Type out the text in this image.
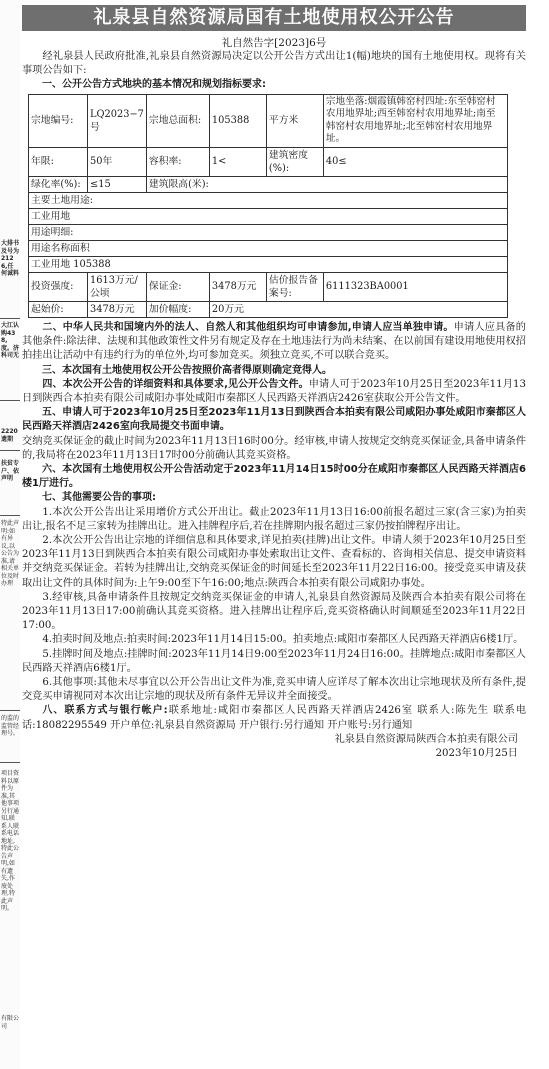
大排书及号为2126,任何诚料
大江认购438,度。济科司无
2220遗期
扶贫专户、依声明
特此声明:如有异议,以公告为准,请相关单位及时办理
的监的监管经理号。
项目资料以原件为准,其他事项另行通知,联系人联系电话地址,特此公告声明,如有遗失,作废处理,特此声明。
有限公司
礼泉县自然资源局国有土地使用权公开公告
礼自然告字[2023]6号

经礼泉县人民政府批准,礼泉县自然资源局决定以公开公告方式出让1(幅)地块的国有土地使用权。现将有关事项公告如下:

一、公开公告方式地块的基本情况和规划指标要求:

宗地编号:	LQ2023−7号	宗地总面积:	105388	平方米	宗地坐落:烟霞镇韩窑村四址:东至韩窑村农用地界址;西至韩窑村农用地界址;南至韩窑村农用地界址;北至韩窑村农用地界址。
年限:	50年	容积率:	1<	建筑密度(%):	40≤
绿化率(%):	≤15	建筑限高(米):			
主要土地用途:					
工业用地					
用途明细:					
用途名称面积					
工业用地 105388					
投资强度:	1613万元/公顷	保证金:	3478万元	估价报告备案号:	6111323BA0001
起始价:	3478万元	加价幅度:	20万元		

二、中华人民共和国境内外的法人、自然人和其他组织均可申请参加,申请人应当单独申请。申请人应具备的其他条件:除法律、法规和其他政策性文件另有规定及存在土地违法行为尚未结案、在以前国有建设用地使用权招拍挂出让活动中有违约行为的单位外,均可参加竞买。须独立竞买,不可以联合竞买。

三、本次国有土地使用权公开公告按照价高者得原则确定竞得人。

四、本次公开公告的详细资料和具体要求,见公开公告文件。申请人可于2023年10月25日至2023年11月13日到陕西合本拍卖有限公司咸阳办事处咸阳市秦都区人民西路天祥酒店2426室获取公开公告文件。

五、申请人可于2023年10月25日至2023年11月13日到陕西合本拍卖有限公司咸阳办事处咸阳市秦都区人民西路天祥酒店2426室向我局提交书面申请。

交纳竞买保证金的截止时间为2023年11月13日16时00分。经审核,申请人按规定交纳竞买保证金,具备申请条件的,我局将在2023年11月13日17时00分前确认其竞买资格。

六、本次国有土地使用权公开公告活动定于2023年11月14日15时00分在咸阳市秦都区人民西路天祥酒店6楼1厅进行。

七、其他需要公告的事项:

1.本次公开公告出让采用增价方式公开出让。截止2023年11月13日16:00前报名超过三家(含三家)为拍卖出让,报名不足三家转为挂牌出让。进入挂牌程序后,若在挂牌期内报名超过三家仍按拍牌程序出让。

2.本次公开公告出让宗地的详细信息和具体要求,详见拍卖(挂牌)出让文件。申请人须于2023年10月25日至2023年11月13日到陕西合本拍卖有限公司咸阳办事处索取出让文件、查看标的、咨询相关信息、提交申请资料并交纳竞买保证金。若转为挂牌出让,交纳竞买保证金的时间延长至2023年11月22日16:00。接受竞买申请及获取出让文件的具体时间为:上午9:00至下午16:00;地点:陕西合本拍卖有限公司咸阳办事处。

3.经审核,具备申请条件且按规定交纳竞买保证金的申请人,礼泉县自然资源局及陕西合本拍卖有限公司将在2023年11月13日17:00前确认其竞买资格。进入挂牌出让程序后,竞买资格确认时间顺延至2023年11月22日17:00。

4.拍卖时间及地点:拍卖时间:2023年11月14日15:00。拍卖地点:咸阳市秦都区人民西路天祥酒店6楼1厅。

5.挂牌时间及地点:挂牌时间:2023年11月14日9:00至2023年11月24日16:00。挂牌地点:咸阳市秦都区人民西路天祥酒店6楼1厅。

6.其他事项:其他未尽事宜以公开公告出让文件为准,竞买申请人应详尽了解本次出让宗地现状及所有条件,提交竞买申请视同对本次出让宗地的现状及所有条件无异议并全面接受。

八、联系方式与银行帐户:联系地址:咸阳市秦都区人民西路天祥酒店2426室 联系人:陈先生 联系电话:18082295549 开户单位:礼泉县自然资源局 开户银行:另行通知 开户账号:另行通知

礼泉县自然资源局陕西合本拍卖有限公司
2023年10月25日
